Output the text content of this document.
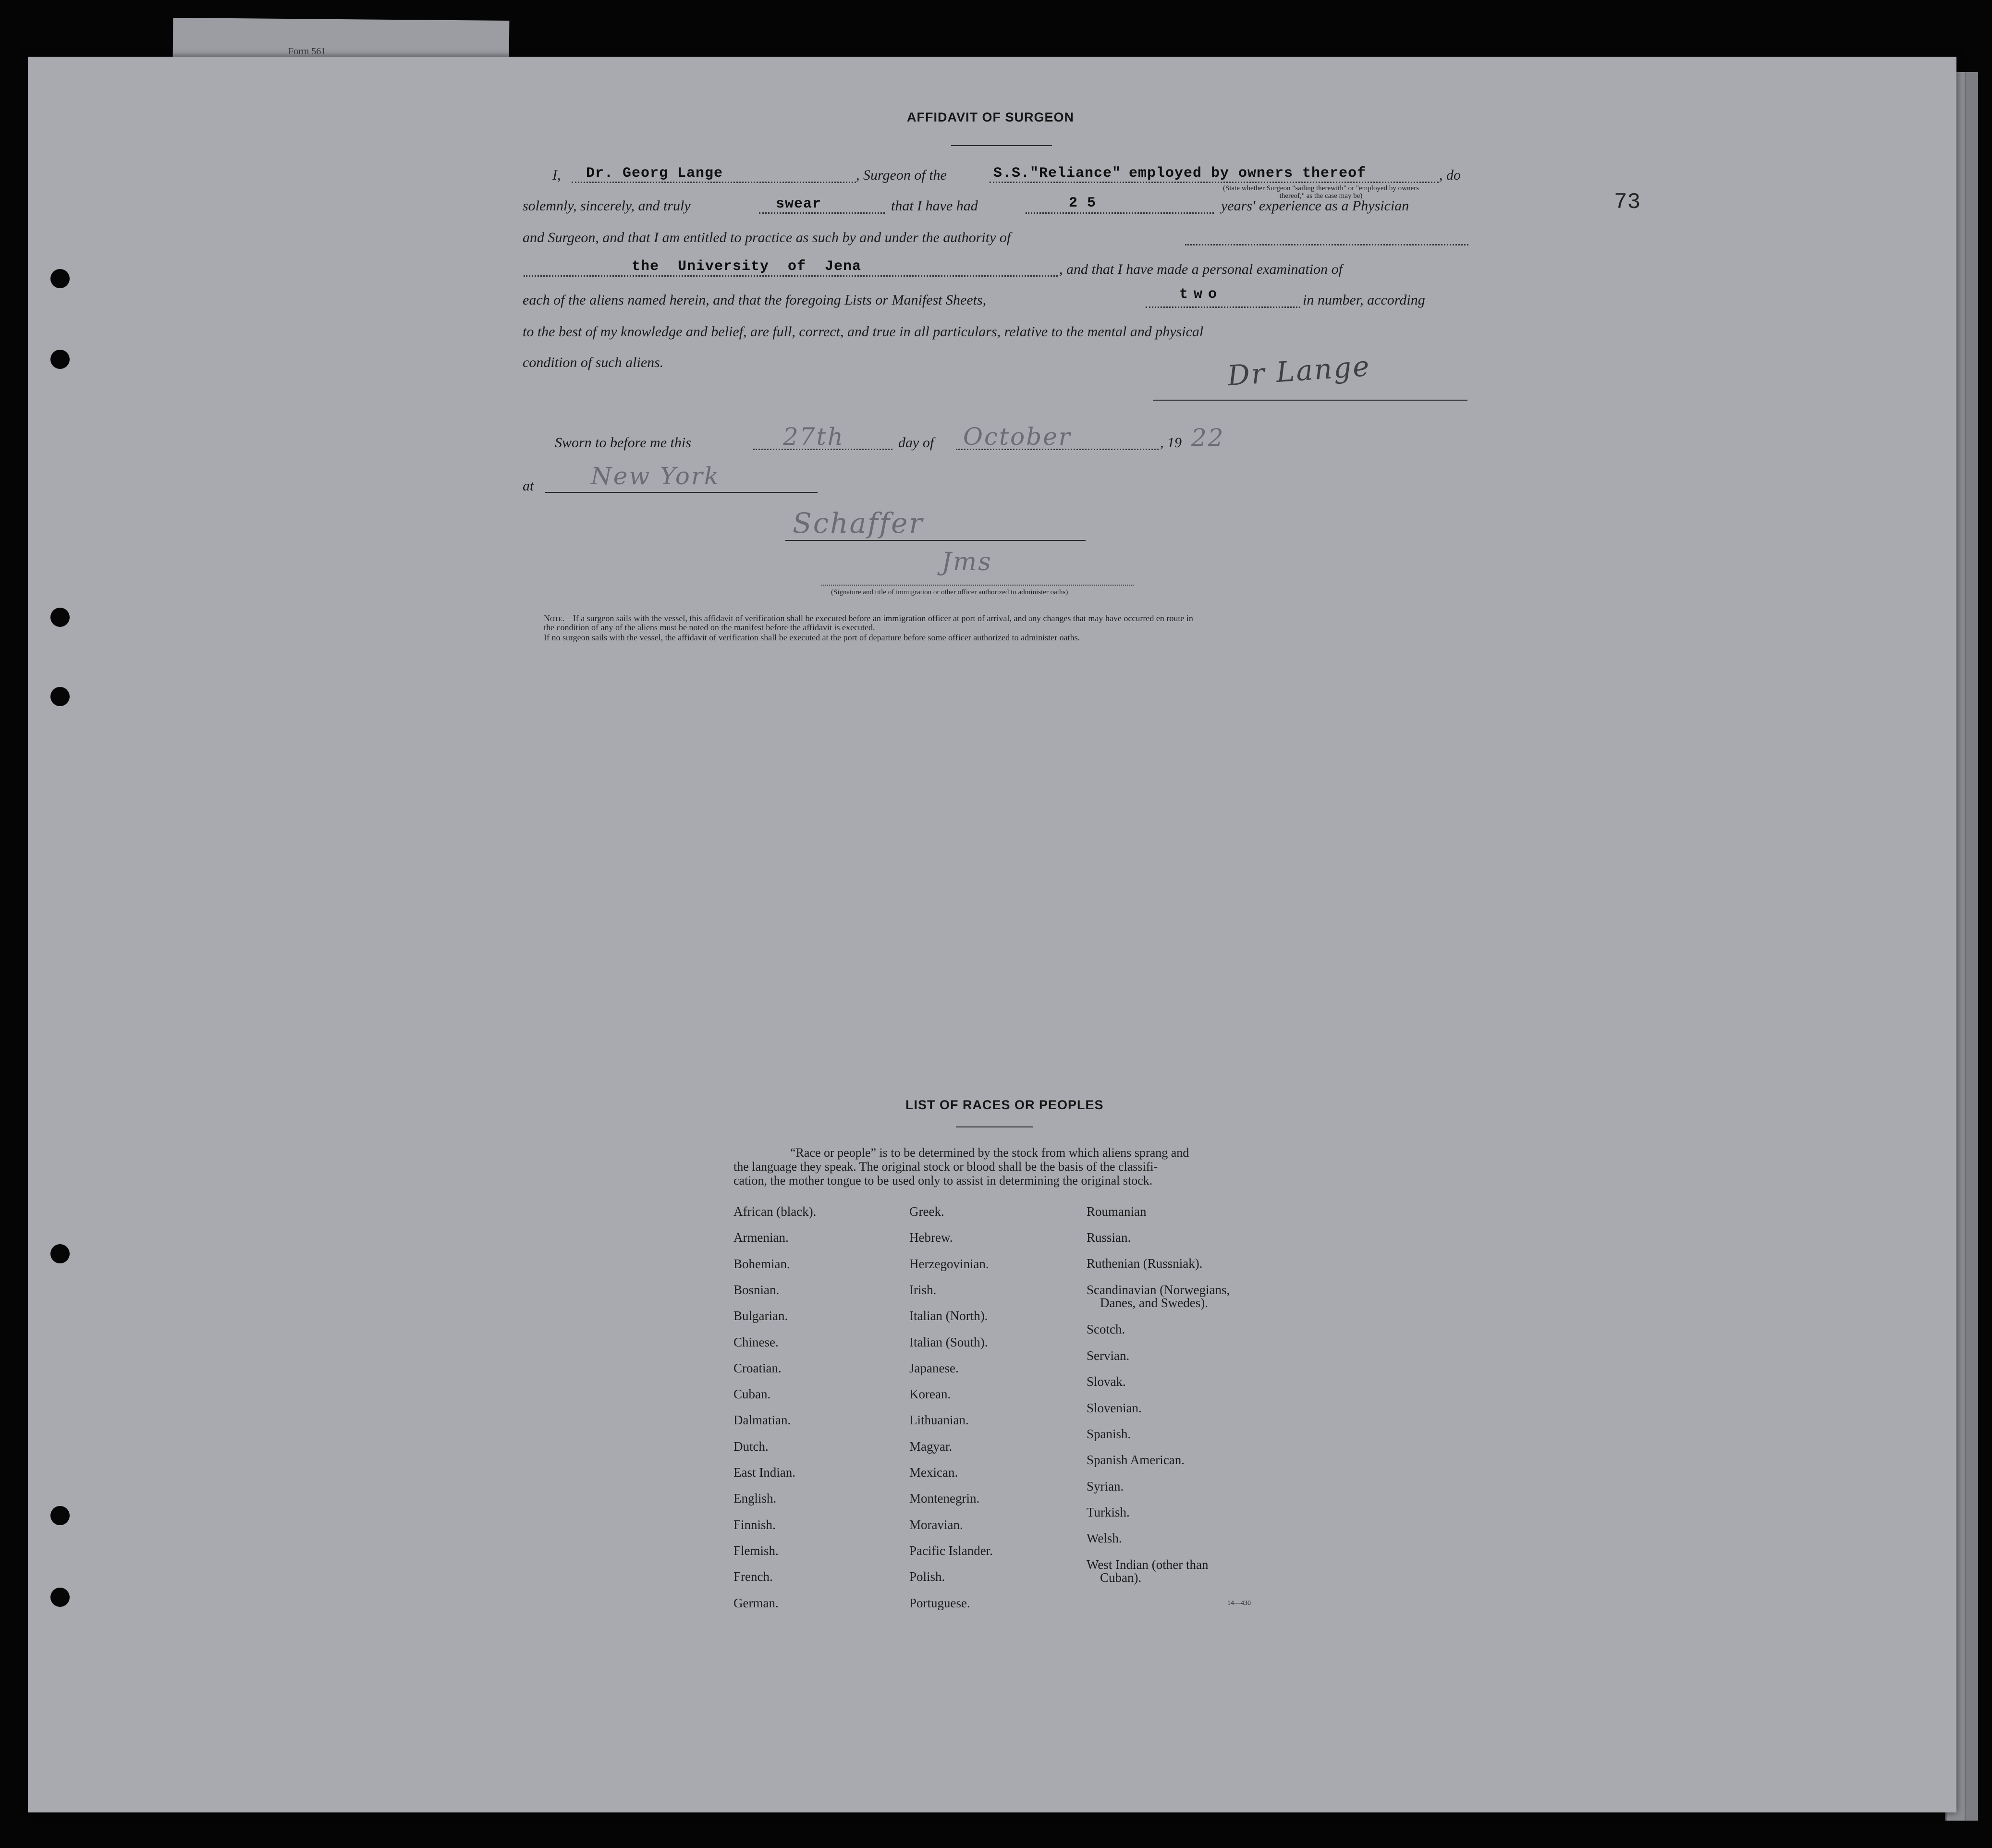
Form 561
73
AFFIDAVIT OF SURGEON
I, Dr. Georg Lange	, Surgeon of the	S.S."Reliance" employed by owners thereof	, do
(State whether Surgeon "sailing therewith" or "employed by owners thereof," as the case may be)
solemnly, sincerely, and truly	swear	that I have had	2 5	years' experience as a Physician
and Surgeon, and that I am entitled to practice as such by and under the authority of
the University of Jena	, and that I have made a personal examination of
each of the aliens named herein, and that the foregoing Lists or Manifest Sheets,	two	in number, according
to the best of my knowledge and belief, are full, correct, and true in all particulars, relative to the mental and physical
condition of such aliens.	Dr Lange
Sworn to before me this	27th	day of October	, 19 22
at New York
Schaffer
Jms
(Signature and title of immigration or other officer authorized to administer oaths)
Note.—If a surgeon sails with the vessel, this affidavit of verification shall be executed before an immigration officer at port of arrival, and any changes that may have occurred en route in
the condition of any of the aliens must be noted on the manifest before the affidavit is executed.
If no surgeon sails with the vessel, the affidavit of verification shall be executed at the port of departure before some officer authorized to administer oaths.
LIST OF RACES OR PEOPLES
“Race or people” is to be determined by the stock from which aliens sprang and
the language they speak. The original stock or blood shall be the basis of the classifi-
cation, the mother tongue to be used only to assist in determining the original stock.
African (black).
Armenian.
Bohemian.
Bosnian.
Bulgarian.
Chinese.
Croatian.
Cuban.
Dalmatian.
Dutch.
East Indian.
English.
Finnish.
Flemish.
French.
German.
Greek.
Hebrew.
Herzegovinian.
Irish.
Italian (North).
Italian (South).
Japanese.
Korean.
Lithuanian.
Magyar.
Mexican.
Montenegrin.
Moravian.
Pacific Islander.
Polish.
Portuguese.
Roumanian
Russian.
Ruthenian (Russniak).
Scandinavian (Norwegians,
Danes, and Swedes).
Scotch.
Servian.
Slovak.
Slovenian.
Spanish.
Spanish American.
Syrian.
Turkish.
Welsh.
West Indian (other than
Cuban).
14—430
